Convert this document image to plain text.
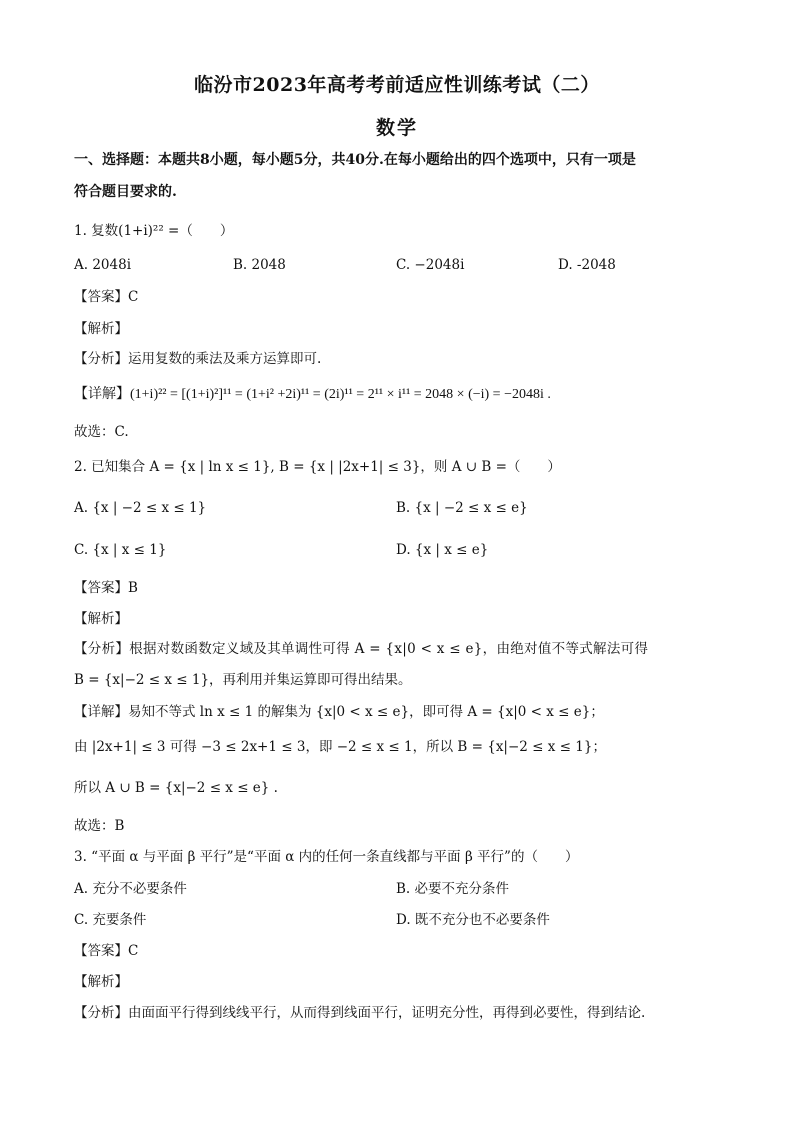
临汾市2023年高考考前适应性训练考试（二）
数学
一、选择题：本题共8小题，每小题5分，共40分.在每小题给出的四个选项中，只有一项是
符合题目要求的.
1. 复数(1+i)²² =（　　）
A. 2048i	B. 2048	C. −2048i	D. -2048
【答案】C
【解析】
【分析】运用复数的乘法及乘方运算即可.
【详解】(1+i)²² = [(1+i)²]¹¹ = (1+i² +2i)¹¹ = (2i)¹¹ = 2¹¹ × i¹¹ = 2048 × (−i) = −2048i .
故选：C.
2. 已知集合 A = {x | ln x ≤ 1}, B = {x | |2x+1| ≤ 3}，则 A ∪ B =（　　）
A. {x | −2 ≤ x ≤ 1}	B. {x | −2 ≤ x ≤ e}
C. {x | x ≤ 1}	D. {x | x ≤ e}
【答案】B
【解析】
【分析】根据对数函数定义域及其单调性可得 A = {x|0 < x ≤ e}，由绝对值不等式解法可得
B = {x|−2 ≤ x ≤ 1}，再利用并集运算即可得出结果。
【详解】易知不等式 ln x ≤ 1 的解集为 {x|0 < x ≤ e}，即可得 A = {x|0 < x ≤ e}；
由 |2x+1| ≤ 3 可得 −3 ≤ 2x+1 ≤ 3，即 −2 ≤ x ≤ 1，所以 B = {x|−2 ≤ x ≤ 1}；
所以 A ∪ B = {x|−2 ≤ x ≤ e} .
故选：B
3. “平面 α 与平面 β 平行”是“平面 α 内的任何一条直线都与平面 β 平行”的（　　）
A. 充分不必要条件	B. 必要不充分条件
C. 充要条件	D. 既不充分也不必要条件
【答案】C
【解析】
【分析】由面面平行得到线线平行，从而得到线面平行，证明充分性，再得到必要性，得到结论.
